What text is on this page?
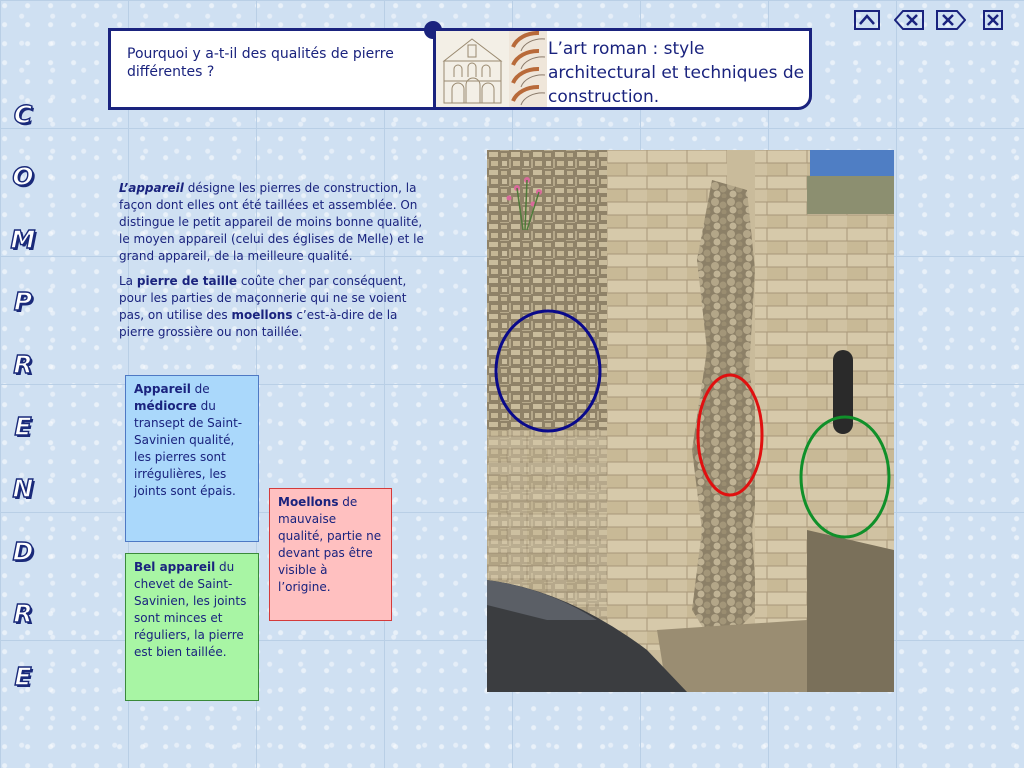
C
O
M
P
R
E
N
D
R
E
Pourquoi y a-t-il des qualités de pierre différentes ?
L’art roman : style architectural et techniques de construction.

L’appareil désigne les pierres de construction, la façon dont elles ont été taillées et assemblée. On distingue le petit appareil de moins bonne qualité, le moyen appareil (celui des églises de Melle) et le grand appareil, de la meilleure qualité.

La pierre de taille coûte cher par conséquent, pour les parties de maçonnerie qui ne se voient pas, on utilise des moellons c’est-à-dire de la pierre grossière ou non taillée.

Appareil de médiocre du transept de Saint-Savinien qualité, les pierres sont irrégulières, les joints sont épais.
Bel appareil du chevet de Saint-Savinien, les joints sont minces et réguliers, la pierre est bien taillée.
Moellons de mauvaise qualité, partie ne devant pas être visible à l’origine.
